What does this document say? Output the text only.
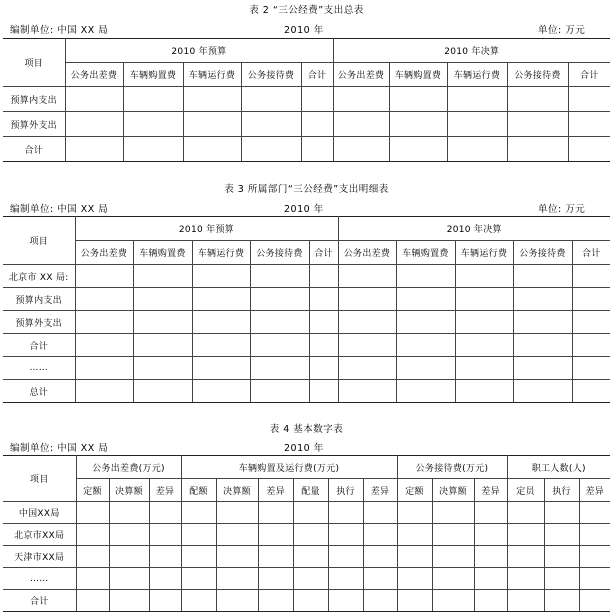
表 2 “三公经费”支出总表
编制单位: 中国 XX 局	2010 年	单位: 万元
项目	2010 年预算					2010 年决算				
	公务出差费	车辆购置费	车辆运行费	公务接待费	合计	公务出差费	车辆购置费	车辆运行费	公务接待费	合计
预算内支出										
预算外支出										
合计										
表 3 所属部门“三公经费”支出明细表
编制单位: 中国 XX 局	2010 年	单位: 万元
项目	2010 年预算					2010 年决算				
	公务出差费	车辆购置费	车辆运行费	公务接待费	合计	公务出差费	车辆购置费	车辆运行费	公务接待费	合计
北京市 XX 局:										
预算内支出										
预算外支出										
合计										
……										
总计										
表 4 基本数字表
编制单位: 中国 XX 局	2010 年
项目	公务出差费(万元)			车辆购置及运行费(万元)						公务接待费(万元)			职工人数(人)		
	定额	决算额	差异	配额	决算额	差异	配量	执行	差异	定额	决算额	差异	定员	执行	差异
中国XX局															
北京市XX局															
天津市XX局															
……															
合计															
